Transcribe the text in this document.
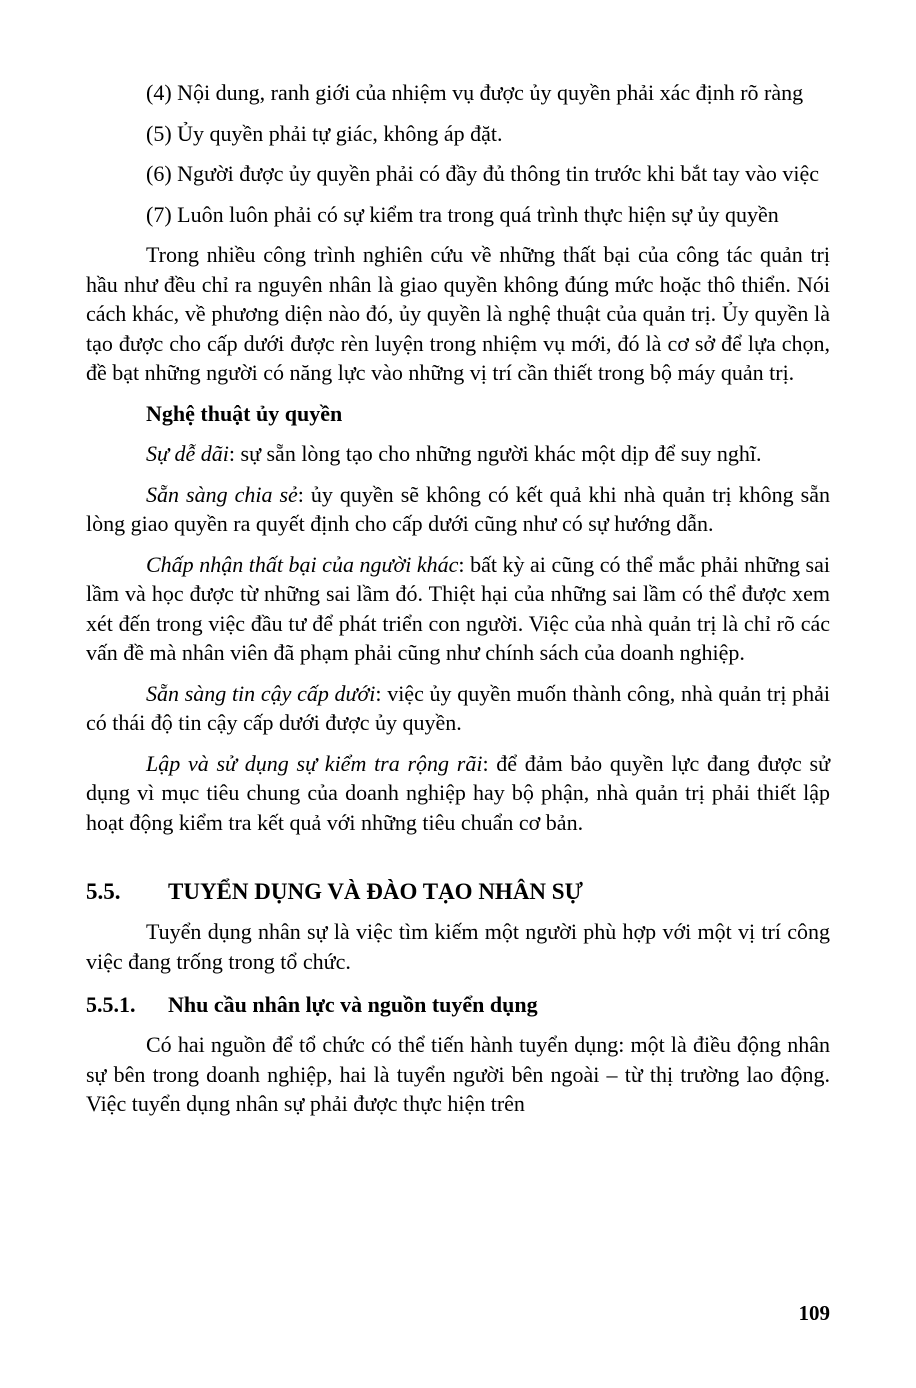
(4) Nội dung, ranh giới của nhiệm vụ được ủy quyền phải xác định rõ ràng

(5) Ủy quyền phải tự giác, không áp đặt.

(6) Người được ủy quyền phải có đầy đủ thông tin trước khi bắt tay vào việc

(7) Luôn luôn phải có sự kiểm tra trong quá trình thực hiện sự ủy quyền

Trong nhiều công trình nghiên cứu về những thất bại của công tác quản trị hầu như đều chỉ ra nguyên nhân là giao quyền không đúng mức hoặc thô thiển. Nói cách khác, về phương diện nào đó, ủy quyền là nghệ thuật của quản trị. Ủy quyền là tạo được cho cấp dưới được rèn luyện trong nhiệm vụ mới, đó là cơ sở để lựa chọn, đề bạt những người có năng lực vào những vị trí cần thiết trong bộ máy quản trị.

Nghệ thuật ủy quyền

Sự dễ dãi: sự sẵn lòng tạo cho những người khác một dịp để suy nghĩ.

Sẵn sàng chia sẻ: ủy quyền sẽ không có kết quả khi nhà quản trị không sẵn lòng giao quyền ra quyết định cho cấp dưới cũng như có sự hướng dẫn.

Chấp nhận thất bại của người khác: bất kỳ ai cũng có thể mắc phải những sai lầm và học được từ những sai lầm đó. Thiệt hại của những sai lầm có thể được xem xét đến trong việc đầu tư để phát triển con người. Việc của nhà quản trị là chỉ rõ các vấn đề mà nhân viên đã phạm phải cũng như chính sách của doanh nghiệp.

Sẵn sàng tin cậy cấp dưới: việc ủy quyền muốn thành công, nhà quản trị phải có thái độ tin cậy cấp dưới được ủy quyền.

Lập và sử dụng sự kiểm tra rộng rãi: để đảm bảo quyền lực đang được sử dụng vì mục tiêu chung của doanh nghiệp hay bộ phận, nhà quản trị phải thiết lập hoạt động kiểm tra kết quả với những tiêu chuẩn cơ bản.

5.5.	TUYỂN DỤNG VÀ ĐÀO TẠO NHÂN SỰ

Tuyển dụng nhân sự là việc tìm kiếm một người phù hợp với một vị trí công việc đang trống trong tổ chức.

5.5.1.	Nhu cầu nhân lực và nguồn tuyển dụng

Có hai nguồn để tổ chức có thể tiến hành tuyển dụng: một là điều động nhân sự bên trong doanh nghiệp, hai là tuyển người bên ngoài – từ thị trường lao động. Việc tuyển dụng nhân sự phải được thực hiện trên

109
